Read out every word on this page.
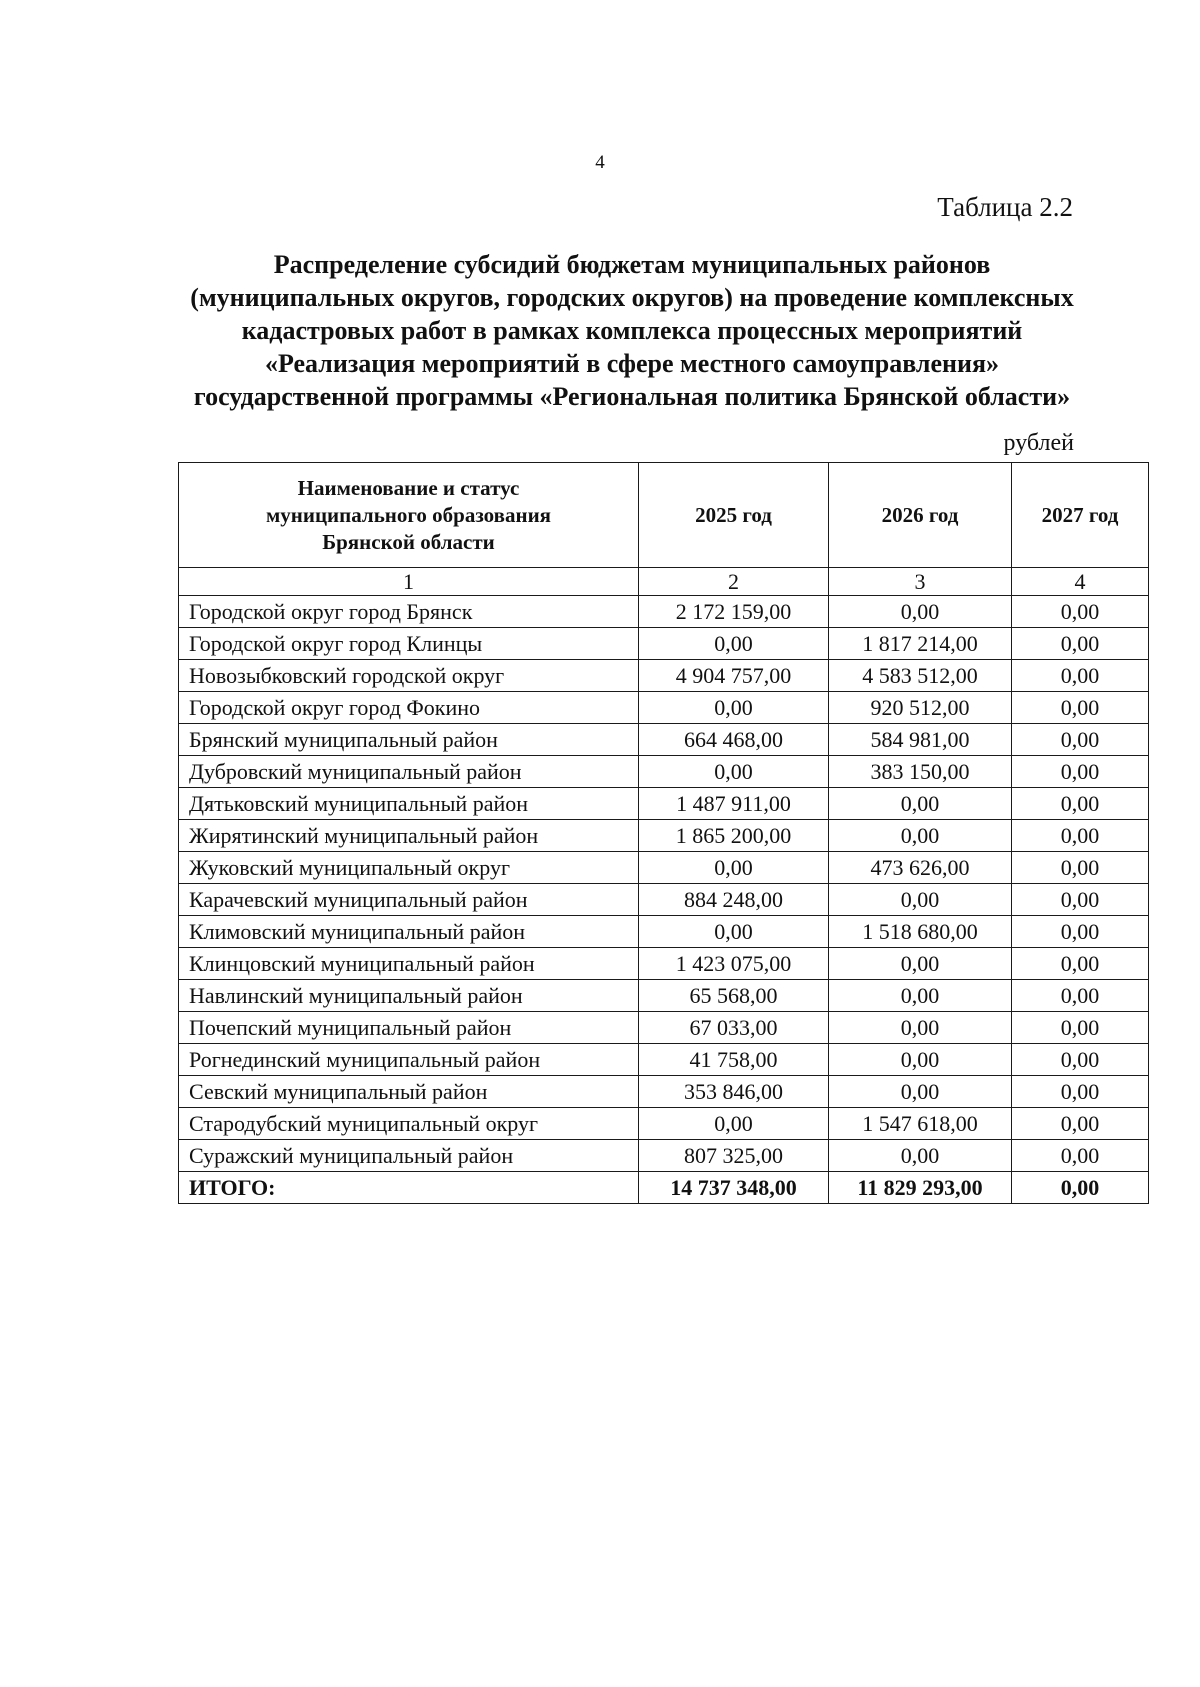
4
Таблица 2.2
Распределение субсидий бюджетам муниципальных районов
(муниципальных округов, городских округов) на проведение комплексных
кадастровых работ в рамках комплекса процессных мероприятий
«Реализация мероприятий в сфере местного самоуправления»
государственной программы «Региональная политика Брянской области»
рублей
Наименование и статус муниципального образования Брянской области	2025 год	2026 год	2027 год
1	2	3	4
Городской округ город Брянск	2 172 159,00	0,00	0,00
Городской округ город Клинцы	0,00	1 817 214,00	0,00
Новозыбковский городской округ	4 904 757,00	4 583 512,00	0,00
Городской округ город Фокино	0,00	920 512,00	0,00
Брянский муниципальный район	664 468,00	584 981,00	0,00
Дубровский муниципальный район	0,00	383 150,00	0,00
Дятьковский муниципальный район	1 487 911,00	0,00	0,00
Жирятинский муниципальный район	1 865 200,00	0,00	0,00
Жуковский муниципальный округ	0,00	473 626,00	0,00
Карачевский муниципальный район	884 248,00	0,00	0,00
Климовский муниципальный район	0,00	1 518 680,00	0,00
Клинцовский муниципальный район	1 423 075,00	0,00	0,00
Навлинский муниципальный район	65 568,00	0,00	0,00
Почепский муниципальный район	67 033,00	0,00	0,00
Рогнединский муниципальный район	41 758,00	0,00	0,00
Севский муниципальный район	353 846,00	0,00	0,00
Стародубский муниципальный округ	0,00	1 547 618,00	0,00
Суражский муниципальный район	807 325,00	0,00	0,00
ИТОГО:	14 737 348,00	11 829 293,00	0,00
